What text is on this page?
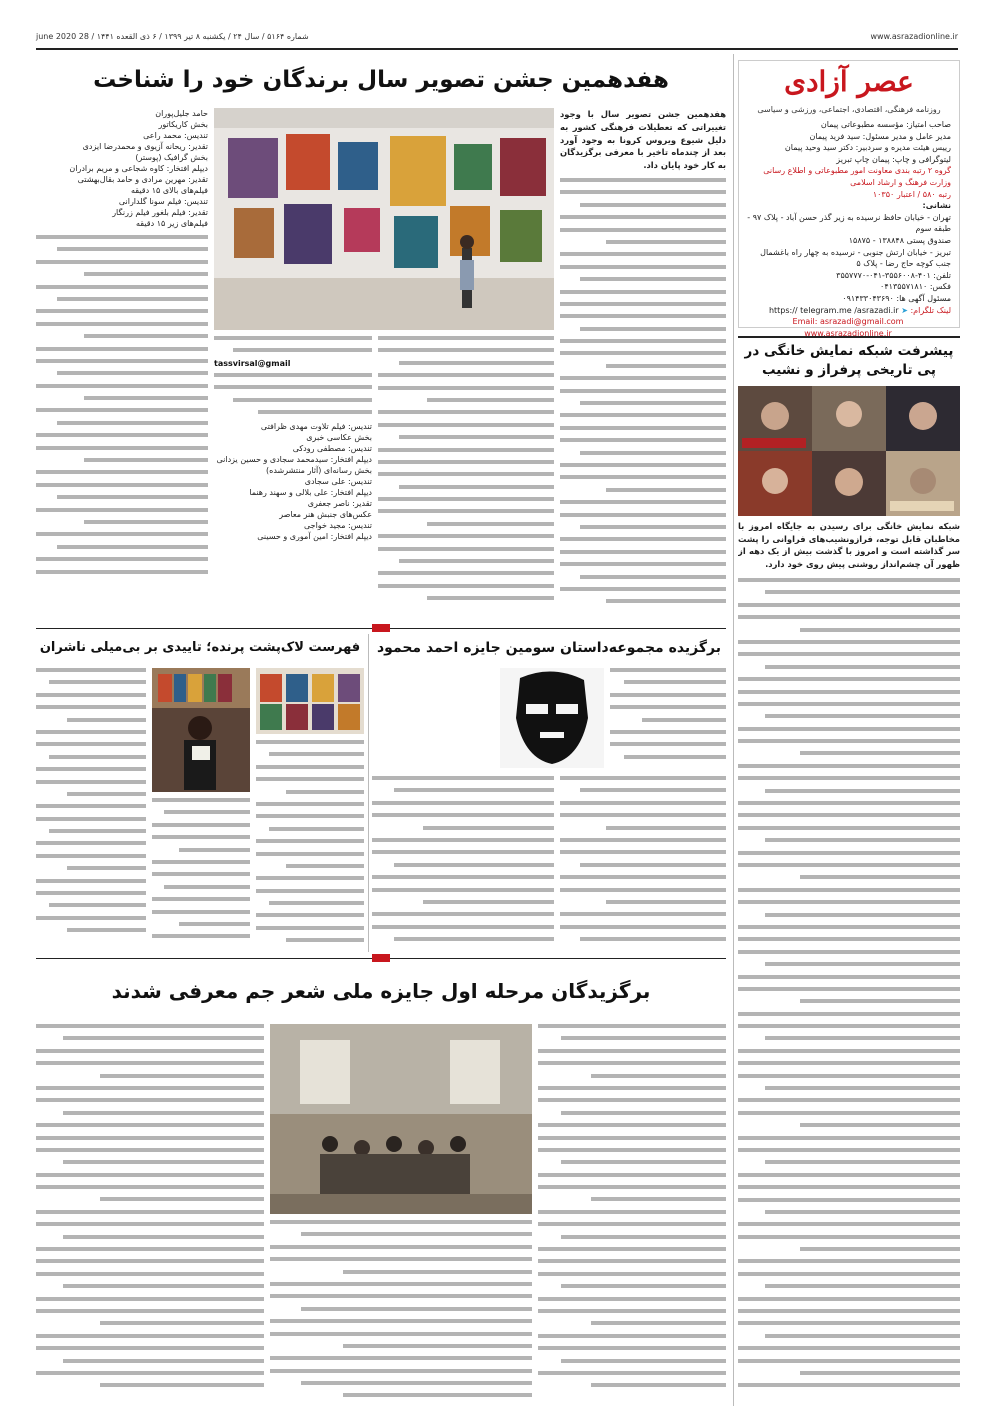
شماره ۵۱۶۴ / سال ۲۴ / یکشنبه ۸ تیر ۱۳۹۹ / ۶ ذی القعده ۱۴۴۱ / 28 june 2020	www.asrazadionline.ir
عصر آزادی
روزنامه فرهنگی، اقتصادی، اجتماعی، ورزشی و سیاسی
صاحب امتیاز: مؤسسه مطبوعاتی پیمان
مدیر عامل و مدیر مسئول: سید فرید پیمان
رییس هیئت مدیره و سردبیر: دکتر سید وحید پیمان
لیتوگرافی و چاپ: پیمان چاپ تبریز
گروه ۲ رتبه بندی معاونت امور مطبوعاتی و اطلاع رسانی وزارت فرهنگ و ارشاد اسلامی
رتبه ۵۸۰ / اعتبار ۱۰۳۵۰
نشانی:
تهران - خیابان حافظ نرسیده به زیر گذر حسن آباد - پلاک ۹۷ - طبقه سوم
صندوق پستی ۱۳۸۸۴۸ - ۱۵۸۷۵
تبریز - خیابان ارتش جنوبی - نرسیده به چهار راه باغشمال جنب کوچه حاج رضا - پلاک ۵
تلفن: ۴۰۱-۳۵۵۶۰۰۸-۰۴۱-۳۵۵۷۷۷۰
فکس: ۰۴۱۳۵۵۷۱۸۱۰
مسئول آگهی ها: ۰۹۱۴۳۳۰۴۳۶۹۰
لینک تلگرام: ➤ https:// telegram.me /asrazadi.ir
Email: asrazadi@gmail.com
www.asrazadionline.ir
پیشرفت شبکه نمایش خانگی در پی تاریخی پرفراز و نشیب
شبکه نمایش خانگی برای رسیدن به جایگاه امروز با مخاطبان قابل توجه، فرازونشیب‌های فراوانی را پشت سر گذاشته است و امروز با گذشت بیش از یک دهه از ظهور آن چشم‌انداز روشنی پیش روی خود دارد.
هفدهمین جشن تصویر سال برندگان خود را شناخت
هفدهمین جشن تصویر سال با وجود تغییراتی که تعطیلات فرهنگی کشور به دلیل شیوع ویروس کرونا به وجود آورد بعد از چندماه تاخیر با معرفی برگزیدگان به کار خود پایان داد.
tassvirsal@gmail
تندیس: فیلم تلاوت مهدی ظرافتی
بخش عکاسی خبری
تندیس: مصطفی رودکی
دیپلم افتخار: سید‌محمد سجادی و حسین یزدانی
بخش رسانه‌ای (آثار منتشرشده)
تندیس: علی سجادی
دیپلم افتخار: علی بلالی و سهند رهنما
تقدیر: ناصر جعفری
عکس‌های جنبش هنر معاصر
تندیس: مجید خواجی
دیپلم افتخار: امین آموری و حسینی
حامد جلیل‌پوران
بخش کاریکاتور
تندیس: محمد راعی
تقدیر: ریحانه آزیوی و محمدرضا ایزدی
بخش گرافیک (پوستر)
دیپلم افتخار: کاوه شجاعی و مریم برادران
تقدیر: مهرین مرادی و حامد بقال‌بهشتی
فیلم‌های بالای ۱۵ دقیقه
تندیس: فیلم سونا گلدارانی
تقدیر: فیلم بلغور فیلم زرنگار
فیلم‌های زیر ۱۵ دقیقه
برگزیده مجموعه‌داستان سومین جایزه احمد محمود
فهرست لاک‌پشت پرنده؛ تاییدی بر بی‌میلی ناشران
برگزیدگان مرحله اول جایزه ملی شعر جم معرفی شدند
